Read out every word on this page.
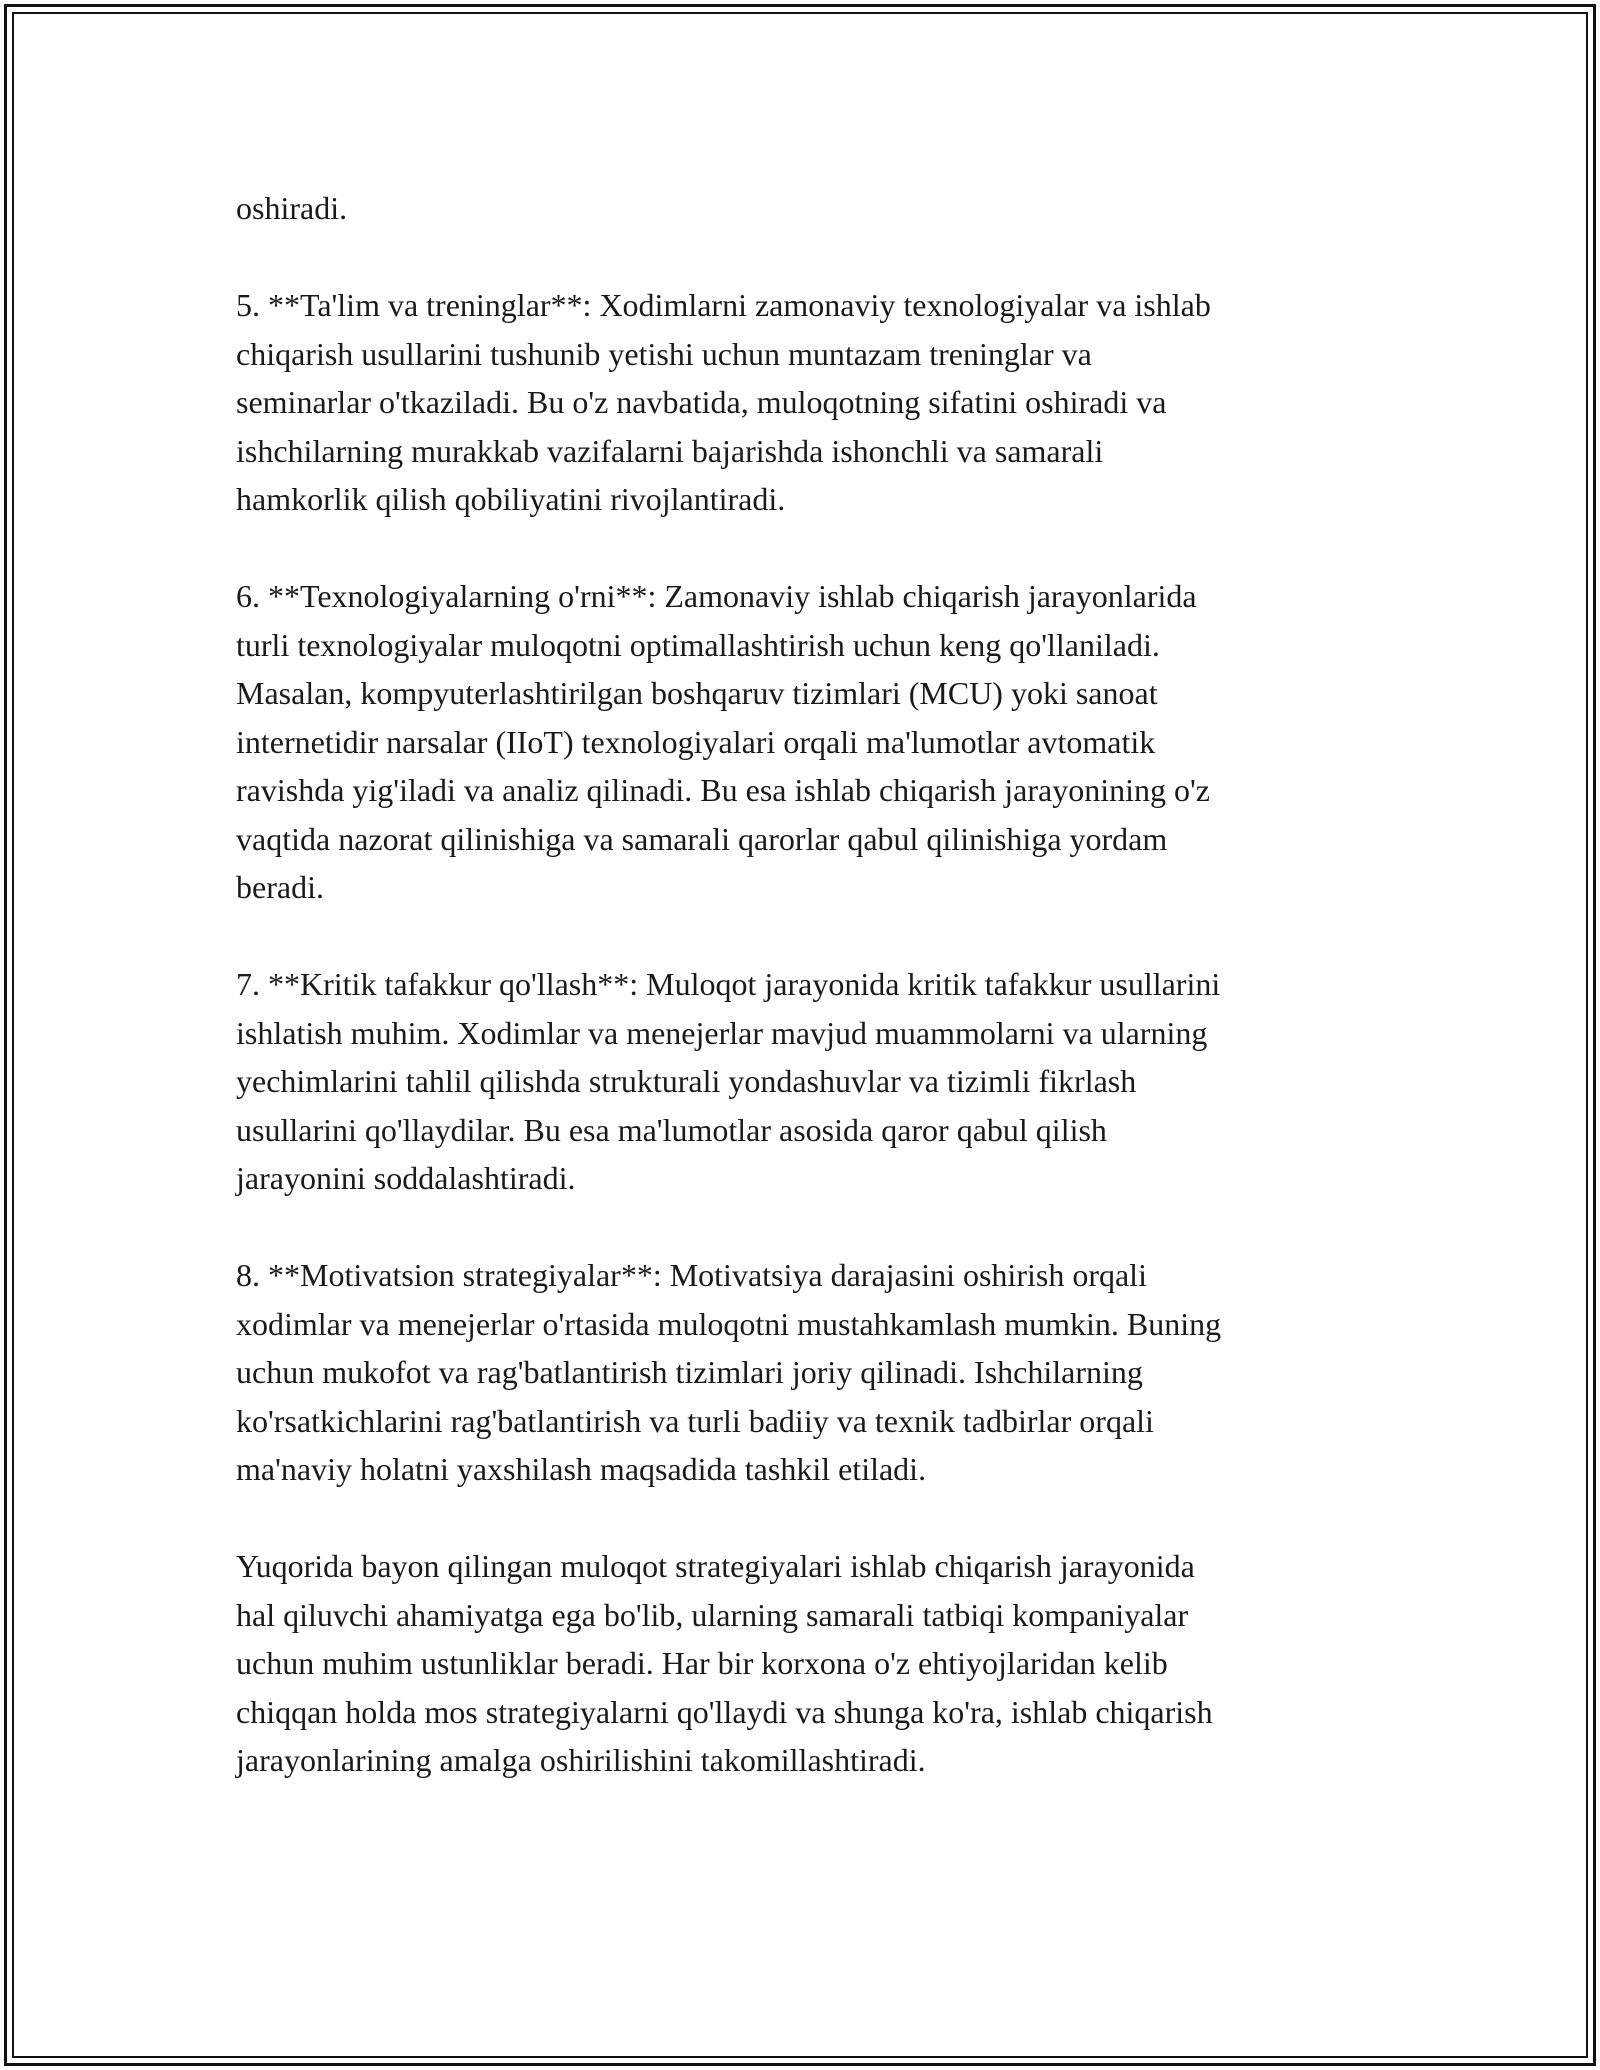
oshiradi.

5. **Ta'lim va treninglar**: Xodimlarni zamonaviy texnologiyalar va ishlab
chiqarish usullarini tushunib yetishi uchun muntazam treninglar va
seminarlar o'tkaziladi. Bu o'z navbatida, muloqotning sifatini oshiradi va
ishchilarning murakkab vazifalarni bajarishda ishonchli va samarali
hamkorlik qilish qobiliyatini rivojlantiradi.

6. **Texnologiyalarning o'rni**: Zamonaviy ishlab chiqarish jarayonlarida
turli texnologiyalar muloqotni optimallashtirish uchun keng qo'llaniladi.
Masalan, kompyuterlashtirilgan boshqaruv tizimlari (MCU) yoki sanoat
internetidir narsalar (IIoT) texnologiyalari orqali ma'lumotlar avtomatik
ravishda yig'iladi va analiz qilinadi. Bu esa ishlab chiqarish jarayonining o'z
vaqtida nazorat qilinishiga va samarali qarorlar qabul qilinishiga yordam
beradi.

7. **Kritik tafakkur qo'llash**: Muloqot jarayonida kritik tafakkur usullarini
ishlatish muhim. Xodimlar va menejerlar mavjud muammolarni va ularning
yechimlarini tahlil qilishda strukturali yondashuvlar va tizimli fikrlash
usullarini qo'llaydilar. Bu esa ma'lumotlar asosida qaror qabul qilish
jarayonini soddalashtiradi.

8. **Motivatsion strategiyalar**: Motivatsiya darajasini oshirish orqali
xodimlar va menejerlar o'rtasida muloqotni mustahkamlash mumkin. Buning
uchun mukofot va rag'batlantirish tizimlari joriy qilinadi. Ishchilarning
ko'rsatkichlarini rag'batlantirish va turli badiiy va texnik tadbirlar orqali
ma'naviy holatni yaxshilash maqsadida tashkil etiladi.

Yuqorida bayon qilingan muloqot strategiyalari ishlab chiqarish jarayonida
hal qiluvchi ahamiyatga ega bo'lib, ularning samarali tatbiqi kompaniyalar
uchun muhim ustunliklar beradi. Har bir korxona o'z ehtiyojlaridan kelib
chiqqan holda mos strategiyalarni qo'llaydi va shunga ko'ra, ishlab chiqarish
jarayonlarining amalga oshirilishini takomillashtiradi.
